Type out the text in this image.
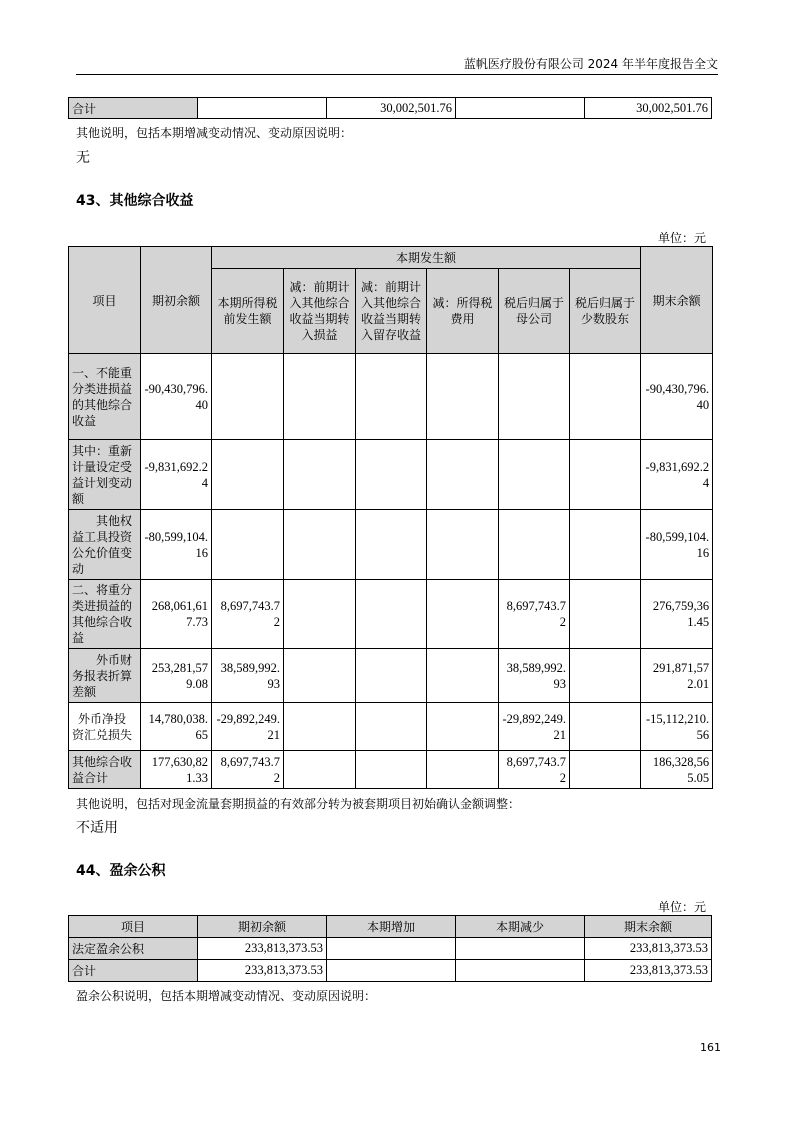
蓝帆医疗股份有限公司 2024 年半年度报告全文
合计		30,002,501.76		30,002,501.76
其他说明，包括本期增减变动情况、变动原因说明：
无
43、其他综合收益
单位：元
项目	期初余额	本期发生额						期末余额
		本期所得税前发生额	减：前期计入其他综合收益当期转入损益	减：前期计入其他综合收益当期转入留存收益	减：所得税费用	税后归属于母公司	税后归属于少数股东	
一、不能重分类进损益的其他综合收益	-90,430,796.40							-90,430,796.40
其中：重新计量设定受益计划变动额	-9,831,692.24							-9,831,692.24
其他权益工具投资公允价值变动	-80,599,104.16							-80,599,104.16
二、将重分类进损益的其他综合收益	268,061,617.73	8,697,743.72				8,697,743.72		276,759,361.45
外币财务报表折算差额	253,281,579.08	38,589,992.93				38,589,992.93		291,871,572.01
外币净投资汇兑损失	14,780,038.65	-29,892,249.21				-29,892,249.21		-15,112,210.56
其他综合收益合计	177,630,821.33	8,697,743.72				8,697,743.72		186,328,565.05
其他说明，包括对现金流量套期损益的有效部分转为被套期项目初始确认金额调整：
不适用
44、盈余公积
单位：元
项目	期初余额	本期增加	本期减少	期末余额
法定盈余公积	233,813,373.53			233,813,373.53
合计	233,813,373.53			233,813,373.53
盈余公积说明，包括本期增减变动情况、变动原因说明：
161
